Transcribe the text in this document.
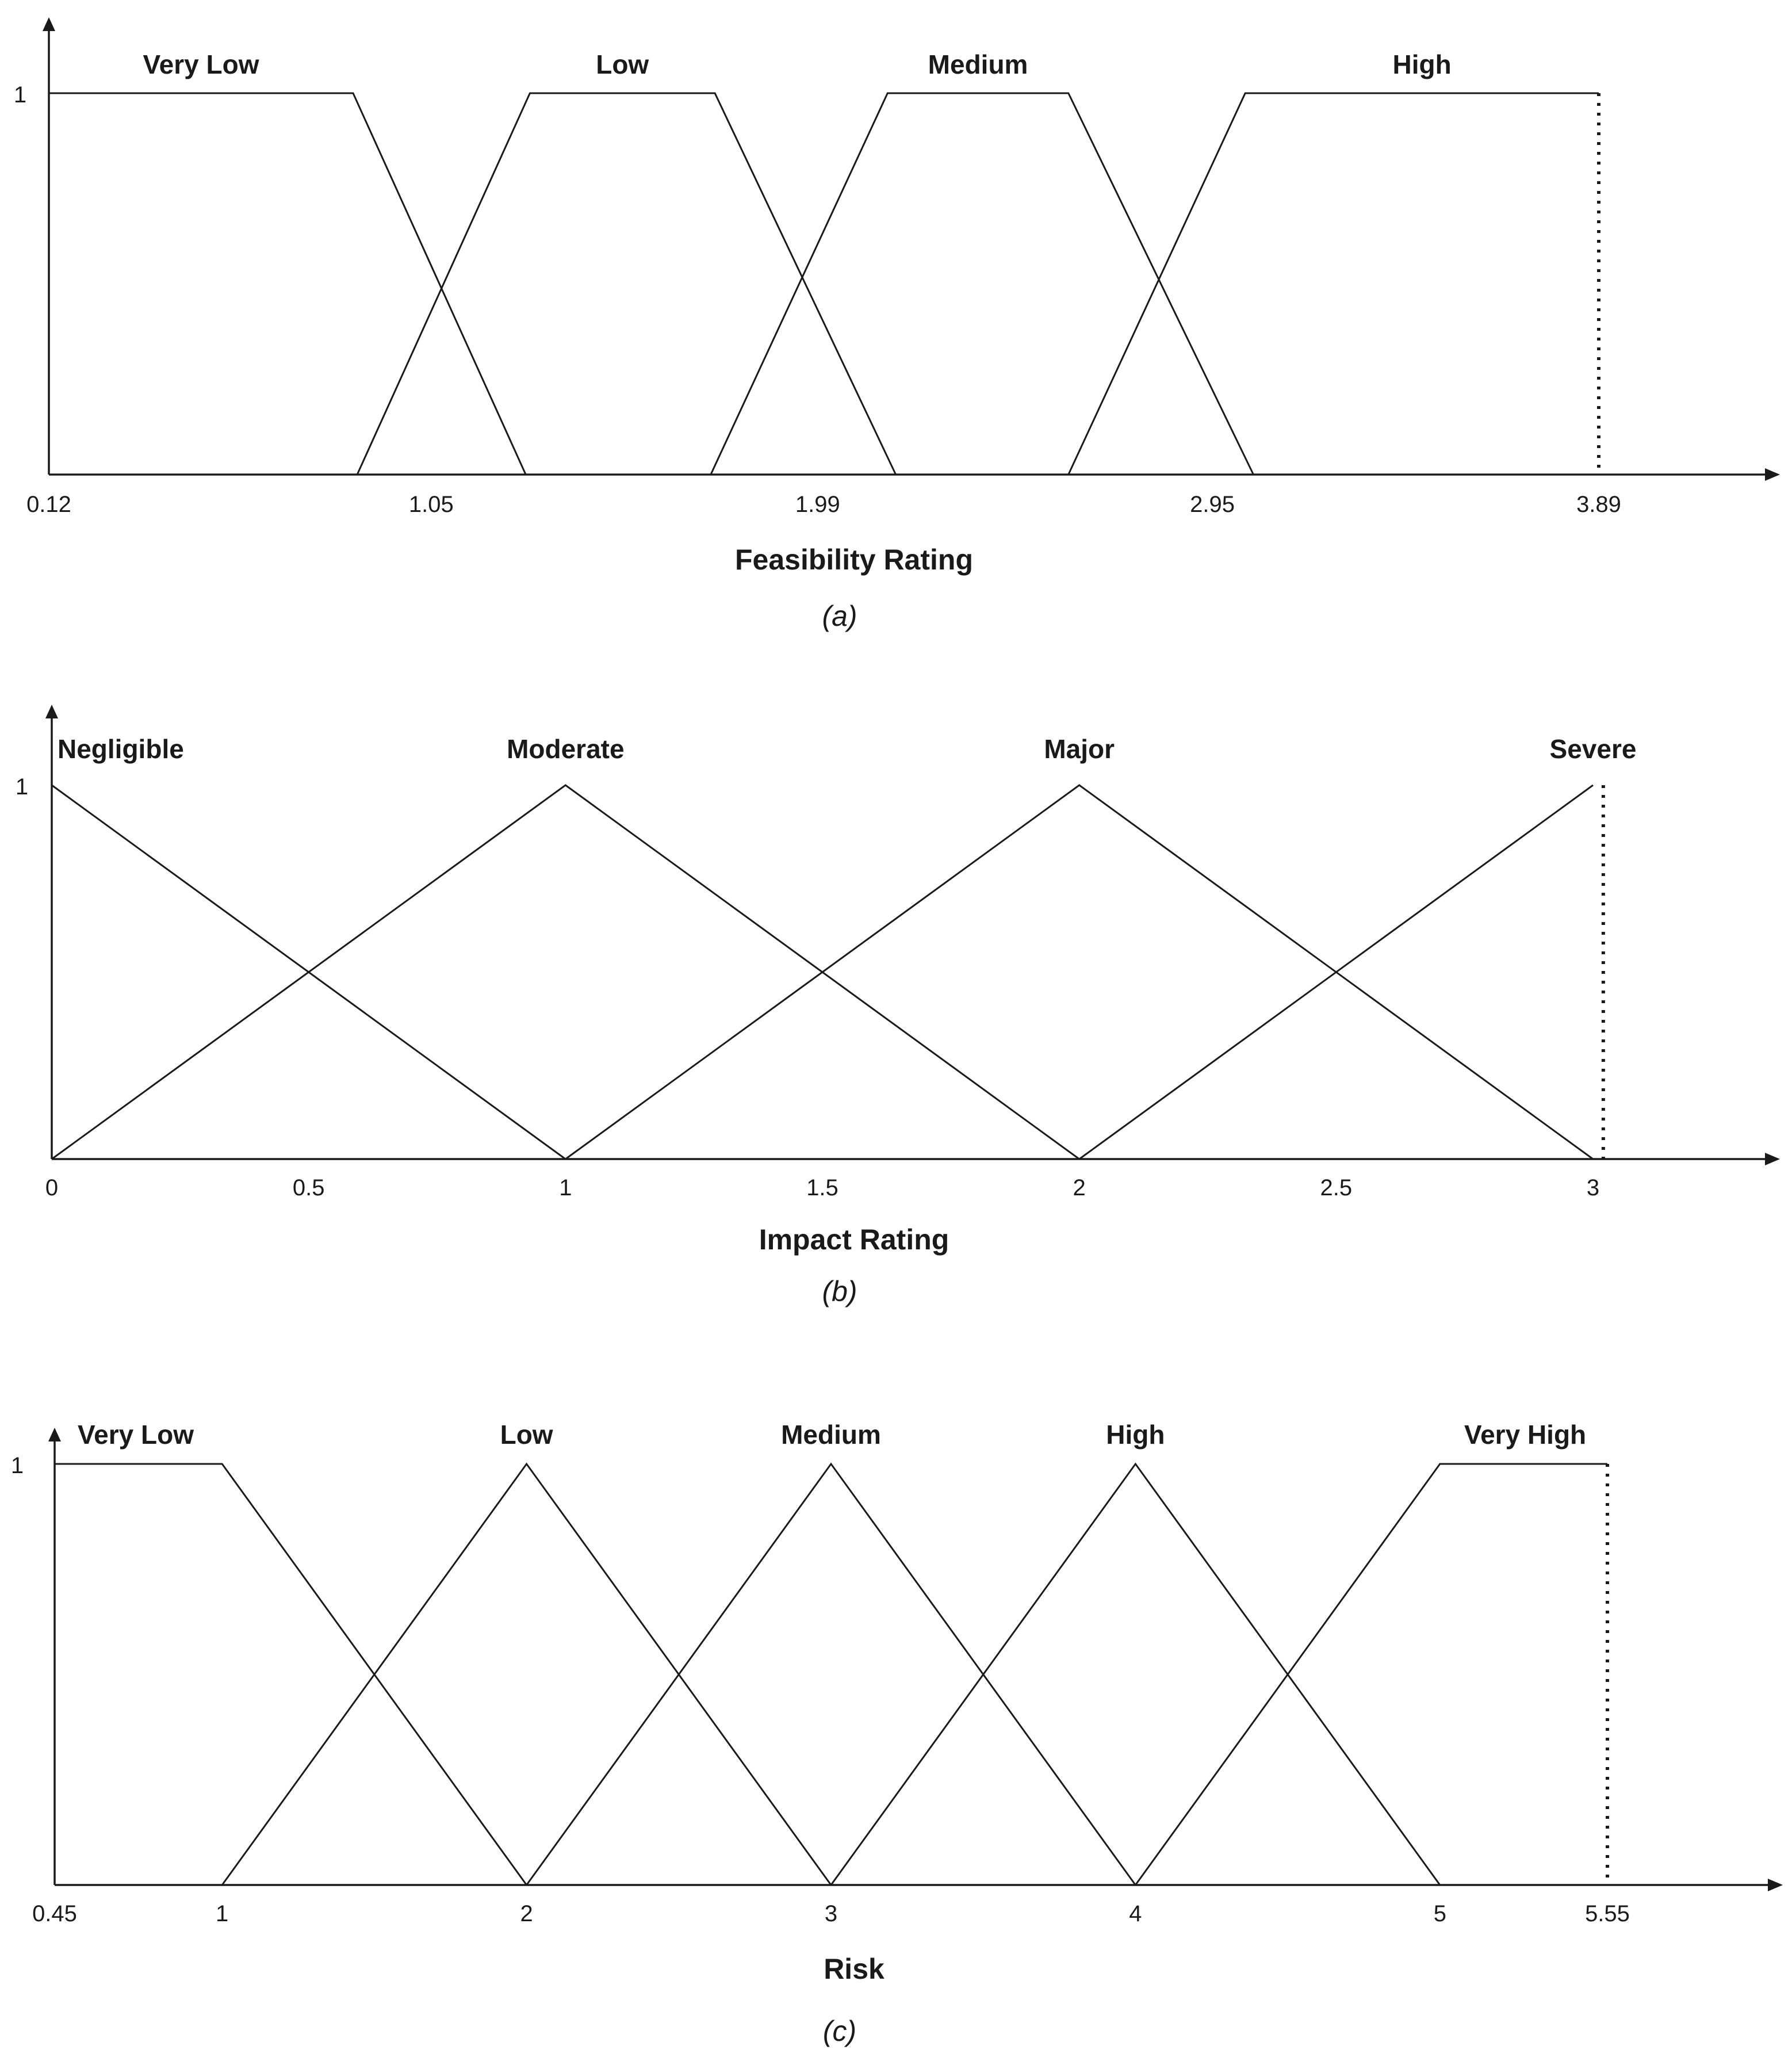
Very Low	Low	Medium	High
1
0.12	1.05	1.99	2.95	3.89
Feasibility Rating
(a)
Negligible	Moderate	Major	Severe
1
0	0.5	1	1.5	2	2.5	3
Impact Rating
(b)
Very Low	Low	Medium	High	Very High
1
0.45	1	2	3	4	5	5.55
Risk
(c)
